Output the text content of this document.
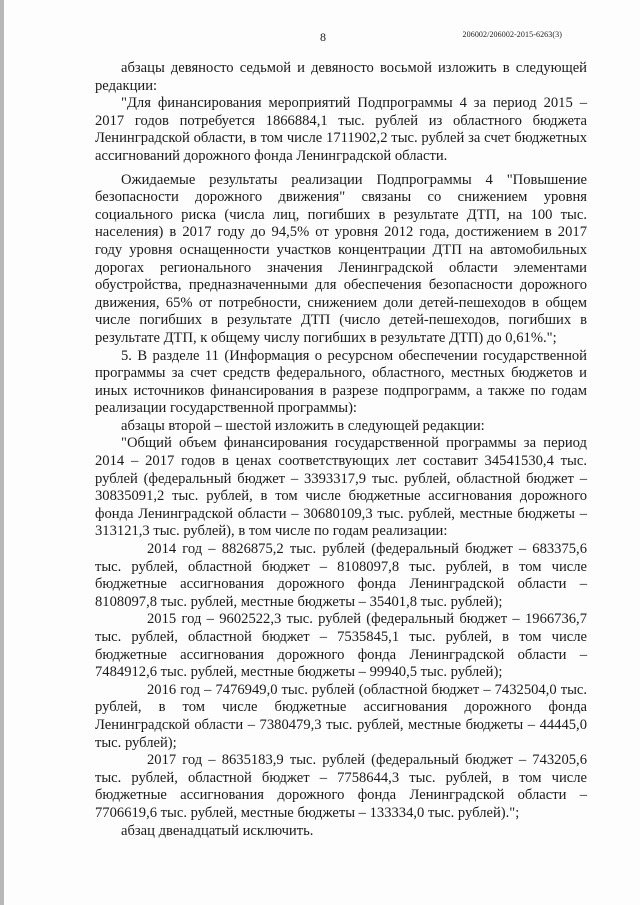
8	206002/206002-2015-6263(3)

абзацы девяносто седьмой и девяносто восьмой изложить в следующей редакции:

"Для финансирования мероприятий Подпрограммы 4 за период 2015 – 2017 годов потребуется 1866884,1 тыс. рублей из областного бюджета Ленинградской области, в том числе 1711902,2 тыс. рублей за счет бюджетных ассигнований дорожного фонда Ленинградской области.

Ожидаемые результаты реализации Подпрограммы 4 "Повышение безопасности дорожного движения" связаны со снижением уровня социального риска (числа лиц, погибших в результате ДТП, на 100 тыс. населения) в 2017 году до 94,5% от уровня 2012 года, достижением в 2017 году уровня оснащенности участков концентрации ДТП на автомобильных дорогах регионального значения Ленинградской области элементами обустройства, предназначенными для обеспечения безопасности дорожного движения, 65% от потребности, снижением доли детей-пешеходов в общем числе погибших в результате ДТП (число детей-пешеходов, погибших в результате ДТП, к общему числу погибших в результате ДТП) до 0,61%.";

5. В разделе 11 (Информация о ресурсном обеспечении государственной программы за счет средств федерального, областного, местных бюджетов и иных источников финансирования в разрезе подпрограмм, а также по годам реализации государственной программы):

абзацы второй – шестой изложить в следующей редакции:

"Общий объем финансирования государственной программы за период 2014 – 2017 годов в ценах соответствующих лет составит 34541530,4 тыс. рублей (федеральный бюджет – 3393317,9 тыс. рублей, областной бюджет – 30835091,2 тыс. рублей, в том числе бюджетные ассигнования дорожного фонда Ленинградской области – 30680109,3 тыс. рублей, местные бюджеты – 313121,3 тыс. рублей), в том числе по годам реализации:

2014 год – 8826875,2 тыс. рублей (федеральный бюджет – 683375,6 тыс. рублей, областной бюджет – 8108097,8 тыс. рублей, в том числе бюджетные ассигнования дорожного фонда Ленинградской области – 8108097,8 тыс. рублей, местные бюджеты – 35401,8 тыс. рублей);

2015 год – 9602522,3 тыс. рублей (федеральный бюджет – 1966736,7 тыс. рублей, областной бюджет – 7535845,1 тыс. рублей, в том числе бюджетные ассигнования дорожного фонда Ленинградской области – 7484912,6 тыс. рублей, местные бюджеты – 99940,5 тыс. рублей);

2016 год – 7476949,0 тыс. рублей (областной бюджет – 7432504,0 тыс. рублей, в том числе бюджетные ассигнования дорожного фонда Ленинградской области – 7380479,3 тыс. рублей, местные бюджеты – 44445,0 тыс. рублей);

2017 год – 8635183,9 тыс. рублей (федеральный бюджет – 743205,6 тыс. рублей, областной бюджет – 7758644,3 тыс. рублей, в том числе бюджетные ассигнования дорожного фонда Ленинградской области – 7706619,6 тыс. рублей, местные бюджеты – 133334,0 тыс. рублей).";

абзац двенадцатый исключить.
